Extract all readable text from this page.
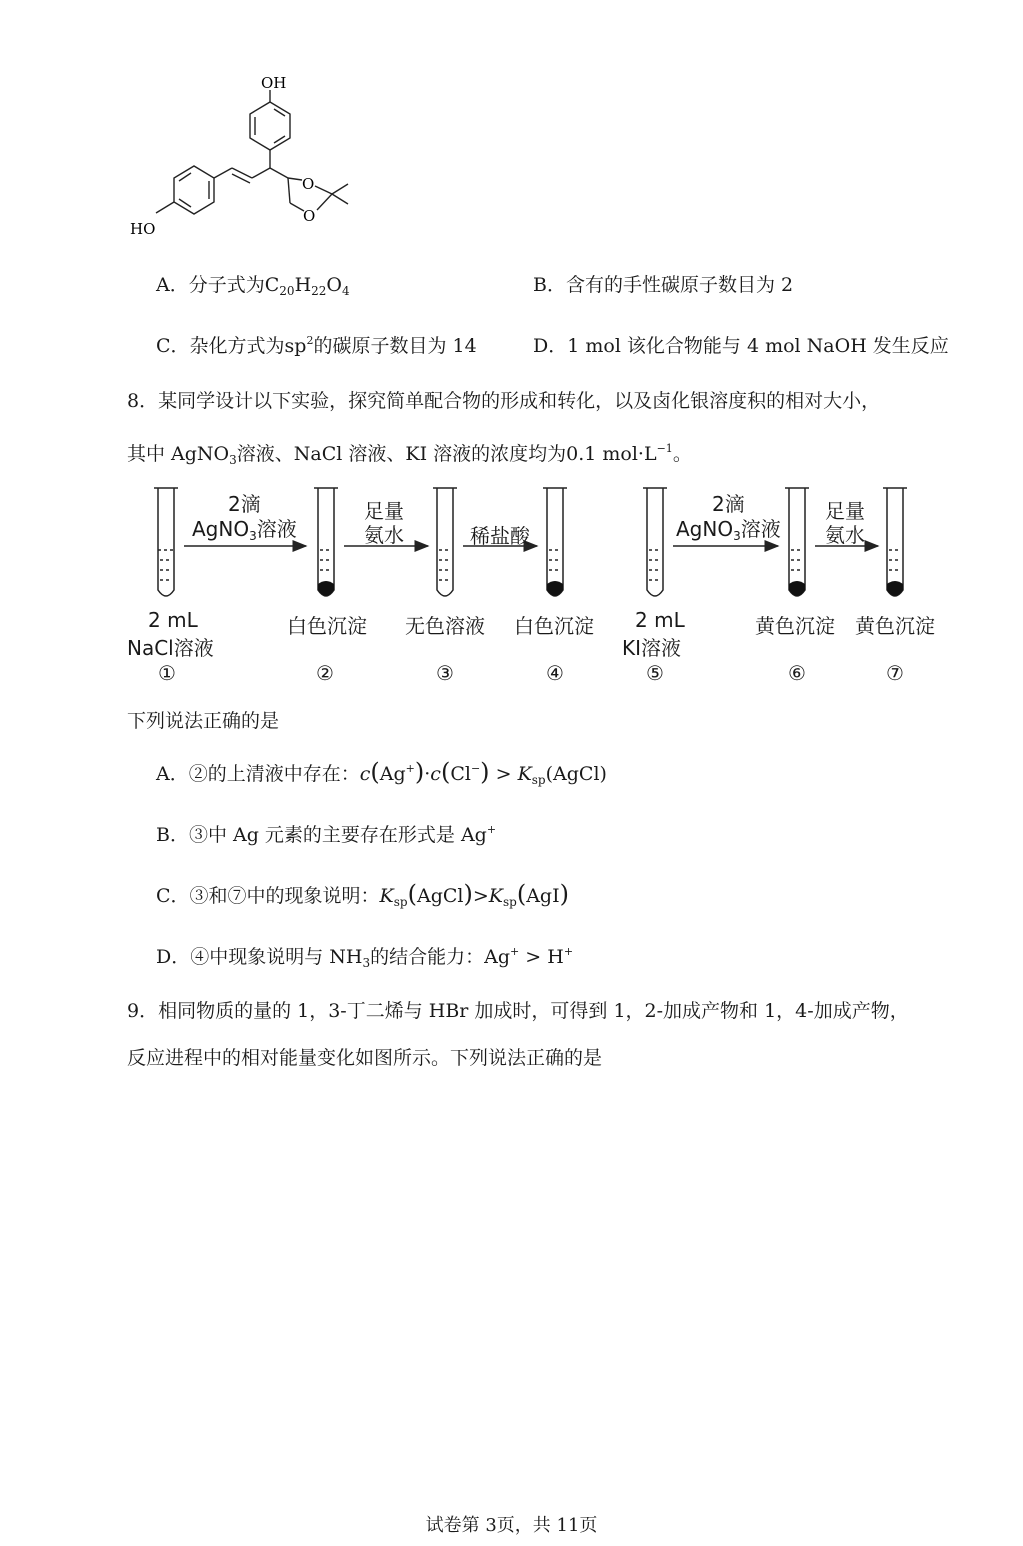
OH
HO
O
O
A．分子式为$C_{20}H_{22}O_4$	B．含有的手性碳原子数目为 2
C．杂化方式为$sp^2$的碳原子数目为 14	D．1 mol 该化合物能与 4 mol NaOH 发生反应
8．某同学设计以下实验，探究简单配合物的形成和转化，以及卤化银溶度积的相对大小，
其中 AgNO$_3$溶液、NaCl 溶液、KI 溶液的浓度均为0.1 $mol\cdot L^{-1}$。
2滴
AgNO$_3$溶液
足量
氨水	稀盐酸
2滴
AgNO$_3$溶液
足量
氨水
2 mL
NaCl溶液
白色沉淀 无色溶液 白色沉淀 2 mL
KI溶液
黄色沉淀 黄色沉淀
①	②	③	④	⑤	⑥	⑦
下列说法正确的是
A．②的上清液中存在：$c(Ag^+)\cdot c(Cl^-) > K_{sp}(AgCl)$
B．③中 Ag 元素的主要存在形式是 Ag+
C．③和⑦中的现象说明：$K_{sp}(AgCl)>K_{sp}(AgI)$
D．④中现象说明与 $NH_3$的结合能力：Ag+ > H+
9．相同物质的量的 1，3-丁二烯与 HBr 加成时，可得到 1，2-加成产物和 1，4-加成产物，
反应进程中的相对能量变化如图所示。下列说法正确的是
试卷第 3页，共 11页
